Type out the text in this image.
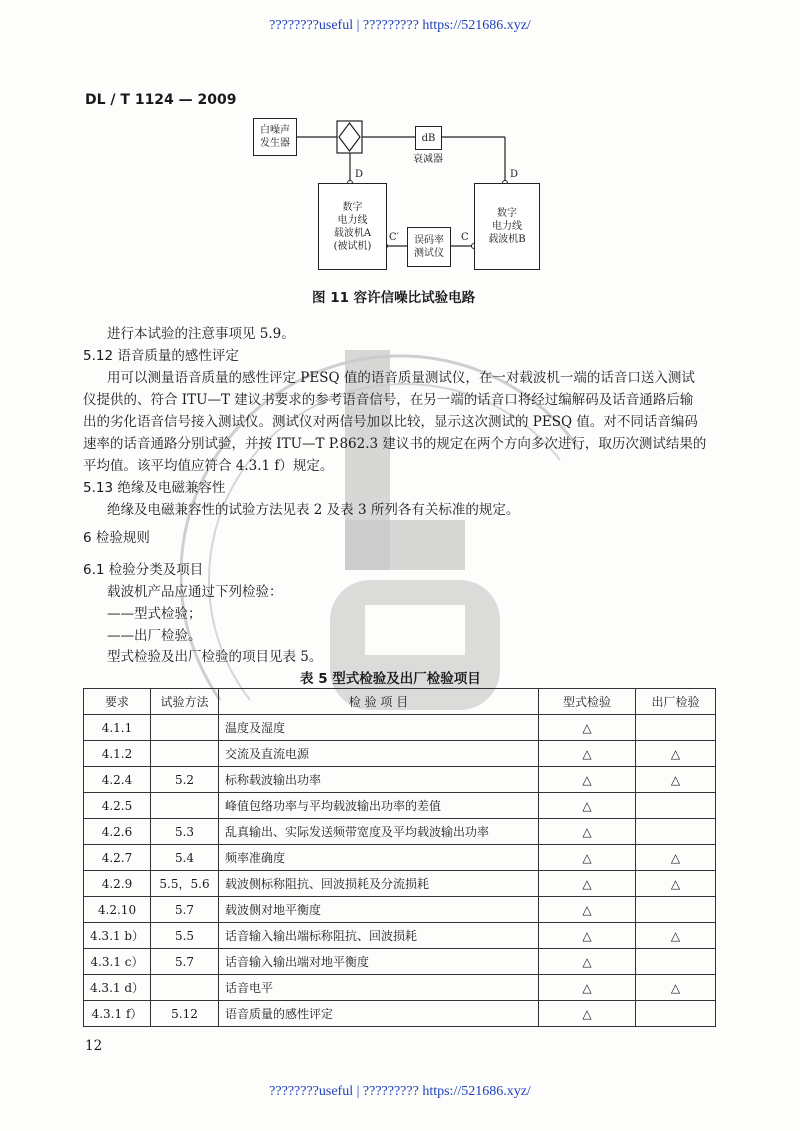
????????useful | ????????? https://521686.xyz/
DL / T 1124 — 2009
白噪声
发生器	dB
衰减器
数字
电力线
载波机A
(被试机)
数字
电力线
载波机B
误码率
测试仪
D	D
C′	C
图 11 容许信噪比试验电路
进行本试验的注意事项见 5.9。
5.12 语音质量的感性评定
用可以测量语音质量的感性评定 PESQ 值的语音质量测试仪，在一对载波机一端的话音口送入测试
仪提供的、符合 ITU—T 建议书要求的参考语音信号，在另一端的话音口将经过编解码及话音通路后输
出的劣化语音信号接入测试仪。测试仪对两信号加以比较，显示这次测试的 PESQ 值。对不同话音编码
速率的话音通路分别试验，并按 ITU—T P.862.3 建议书的规定在两个方向多次进行，取历次测试结果的
平均值。该平均值应符合 4.3.1 f）规定。
5.13 绝缘及电磁兼容性
绝缘及电磁兼容性的试验方法见表 2 及表 3 所列各有关标准的规定。
6 检验规则
6.1 检验分类及项目
载波机产品应通过下列检验：
——型式检验；
——出厂检验。
型式检验及出厂检验的项目见表 5。
表 5 型式检验及出厂检验项目
要求	试验方法	检 验 项 目	型式检验	出厂检验
4.1.1		温度及湿度	△	
4.1.2		交流及直流电源	△	△
4.2.4	5.2	标称载波输出功率	△	△
4.2.5		峰值包络功率与平均载波输出功率的差值	△	
4.2.6	5.3	乱真输出、实际发送频带宽度及平均载波输出功率	△	
4.2.7	5.4	频率准确度	△	△
4.2.9	5.5，5.6	载波侧标称阻抗、回波损耗及分流损耗	△	△
4.2.10	5.7	载波侧对地平衡度	△	
4.3.1 b）	5.5	话音输入输出端标称阻抗、回波损耗	△	△
4.3.1 c）	5.7	话音输入输出端对地平衡度	△	
4.3.1 d）		话音电平	△	△
4.3.1 f）	5.12	语音质量的感性评定	△	
12
????????useful | ????????? https://521686.xyz/
